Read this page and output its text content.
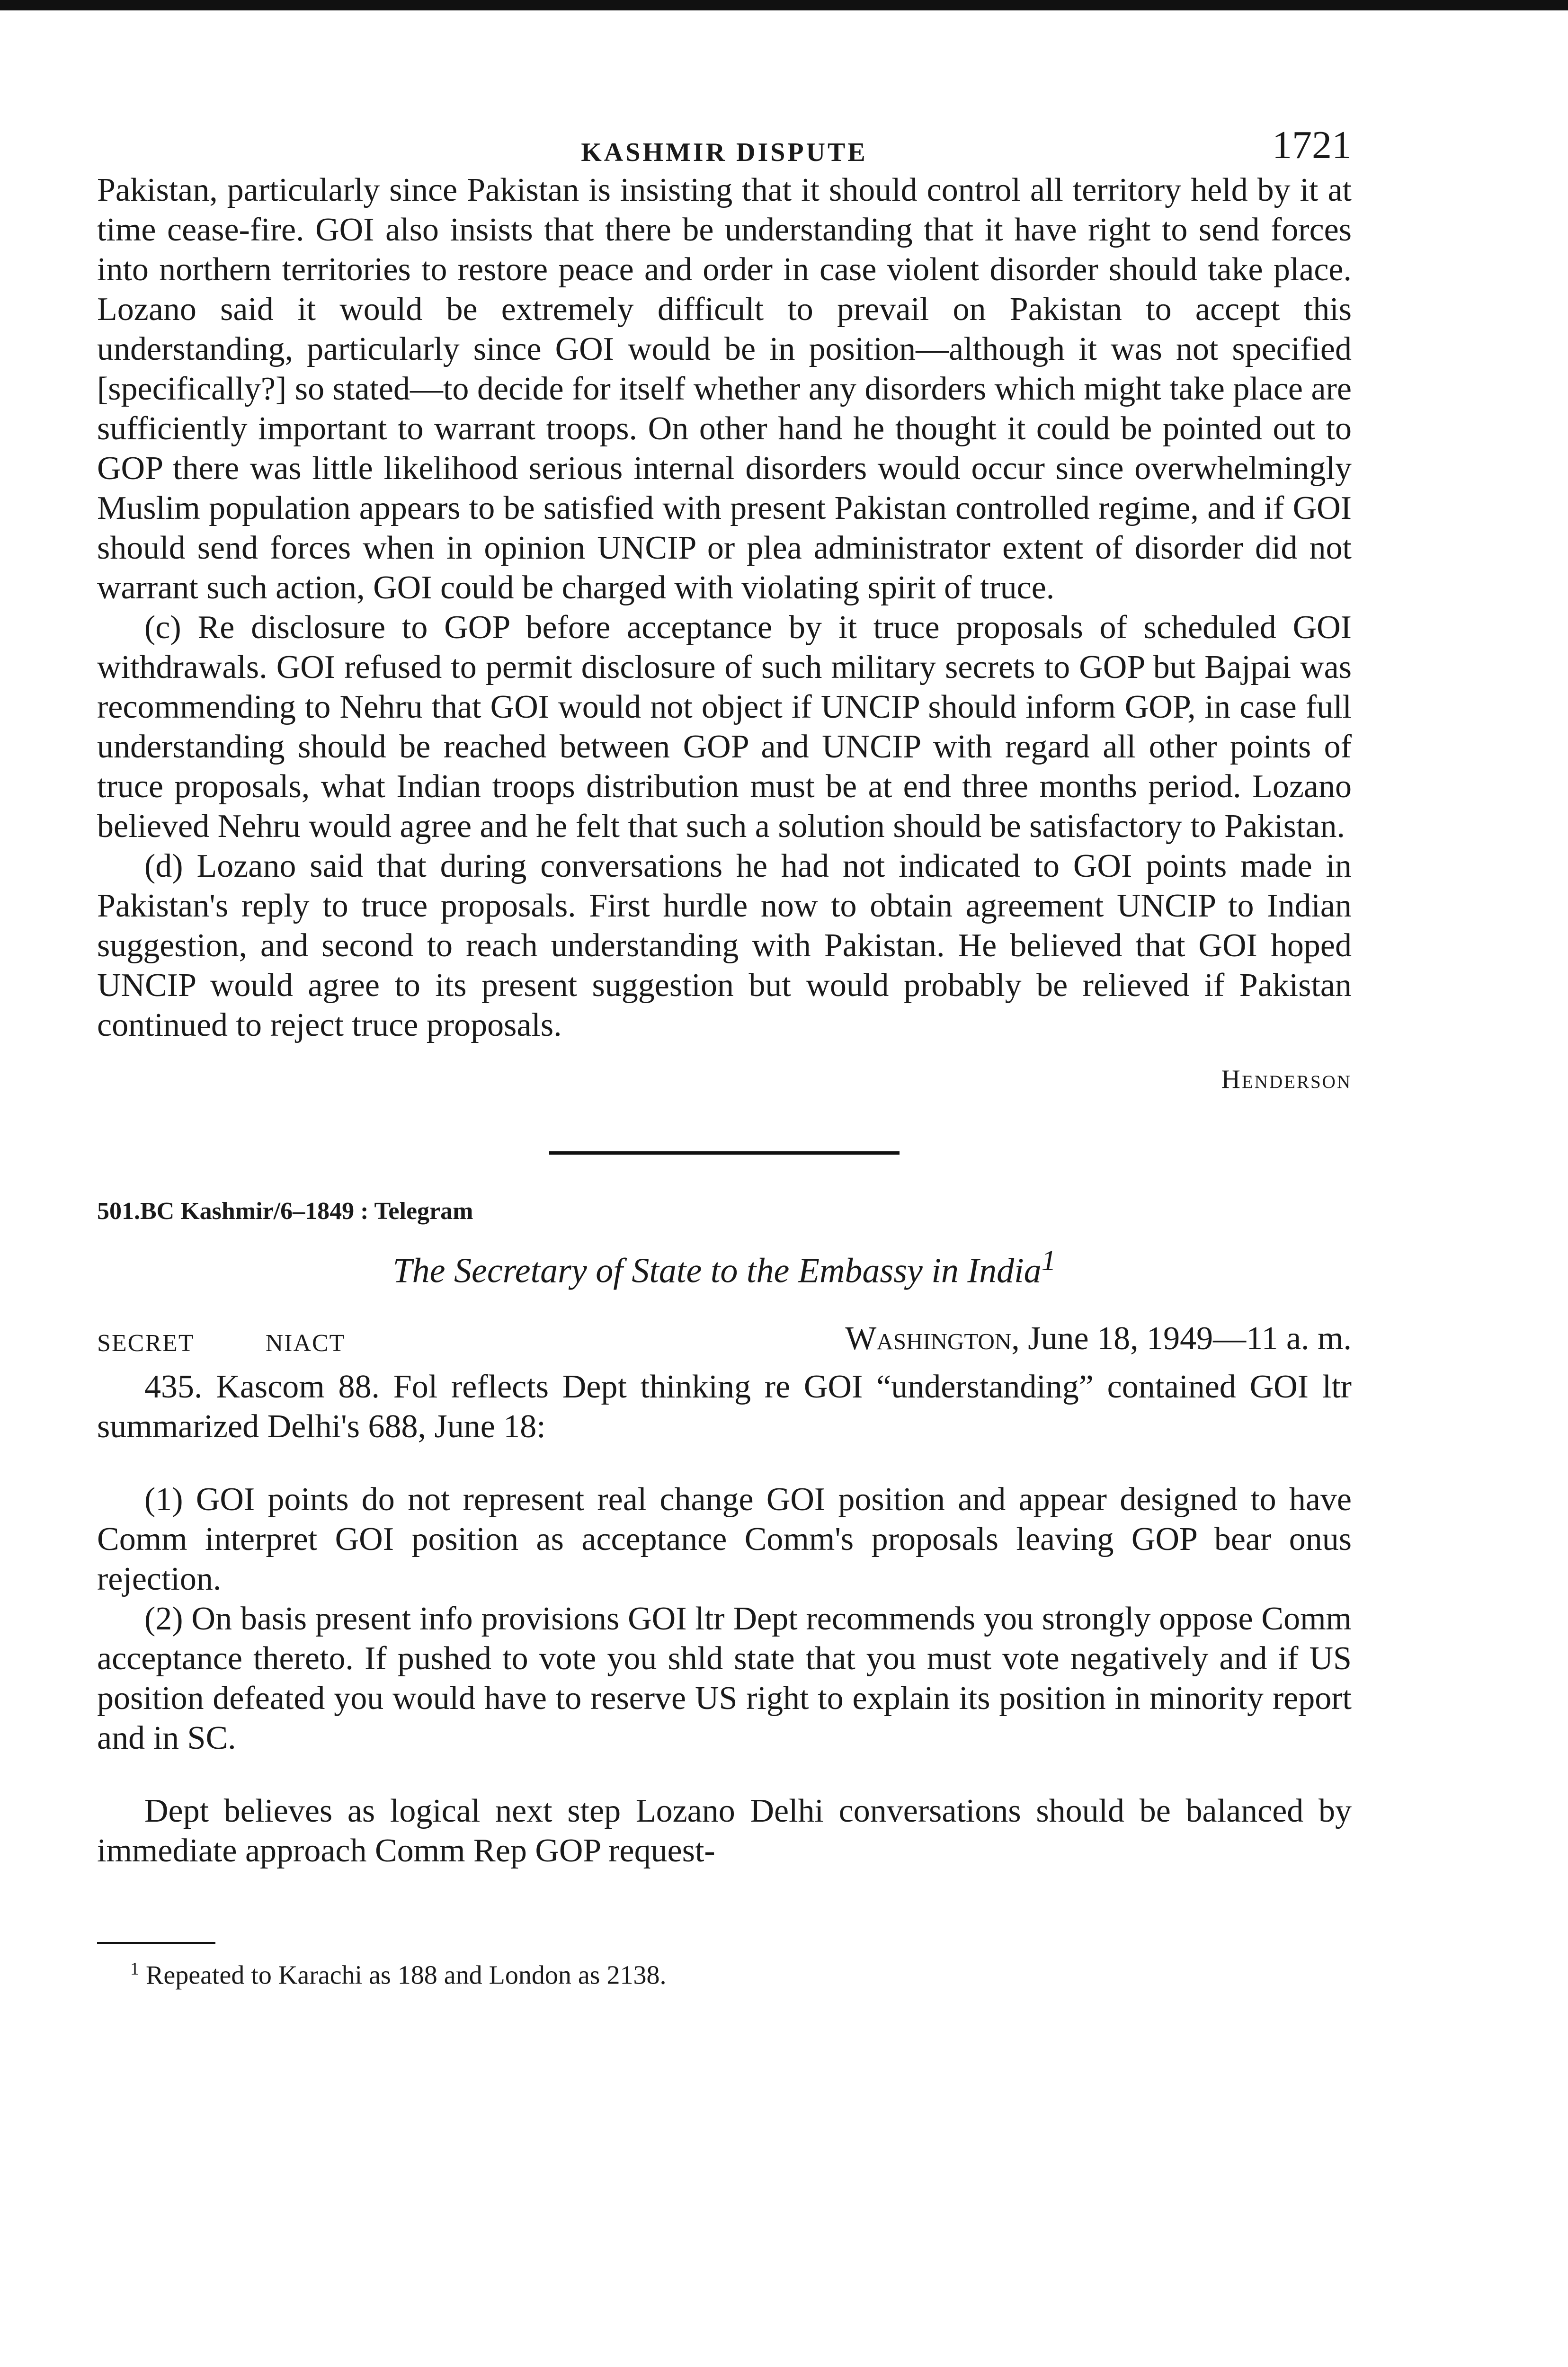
KASHMIR DISPUTE	1721

Pakistan, particularly since Pakistan is insisting that it should control all territory held by it at time cease-fire. GOI also insists that there be understanding that it have right to send forces into northern territories to restore peace and order in case violent disorder should take place. Lozano said it would be extremely difficult to prevail on Pakistan to accept this understanding, particularly since GOI would be in position—although it was not specified [specifically?] so stated—to decide for itself whether any disorders which might take place are sufficiently important to warrant troops. On other hand he thought it could be pointed out to GOP there was little likelihood serious internal disorders would occur since overwhelmingly Muslim population appears to be satisfied with present Pakistan controlled regime, and if GOI should send forces when in opinion UNCIP or plea administrator extent of disorder did not warrant such action, GOI could be charged with violating spirit of truce.

(c) Re disclosure to GOP before acceptance by it truce proposals of scheduled GOI withdrawals. GOI refused to permit disclosure of such military secrets to GOP but Bajpai was recommending to Nehru that GOI would not object if UNCIP should inform GOP, in case full understanding should be reached between GOP and UNCIP with regard all other points of truce proposals, what Indian troops distribution must be at end three months period. Lozano believed Nehru would agree and he felt that such a solution should be satisfactory to Pakistan.

(d) Lozano said that during conversations he had not indicated to GOI points made in Pakistan's reply to truce proposals. First hurdle now to obtain agreement UNCIP to Indian suggestion, and second to reach understanding with Pakistan. He believed that GOI hoped UNCIP would agree to its present suggestion but would probably be relieved if Pakistan continued to reject truce proposals.

Henderson

501.BC Kashmir/6–1849 : Telegram

The Secretary of State to the Embassy in India$^1$

SECRET	NIACT	Washington, June 18, 1949—11 a. m.

435. Kascom 88. Fol reflects Dept thinking re GOI “understanding” contained GOI ltr summarized Delhi's 688, June 18:

(1) GOI points do not represent real change GOI position and appear designed to have Comm interpret GOI position as acceptance Comm's proposals leaving GOP bear onus rejection.

(2) On basis present info provisions GOI ltr Dept recommends you strongly oppose Comm acceptance thereto. If pushed to vote you shld state that you must vote negatively and if US position defeated you would have to reserve US right to explain its position in minority report and in SC.

Dept believes as logical next step Lozano Delhi conversations should be balanced by immediate approach Comm Rep GOP request-

$^1$ Repeated to Karachi as 188 and London as 2138.
